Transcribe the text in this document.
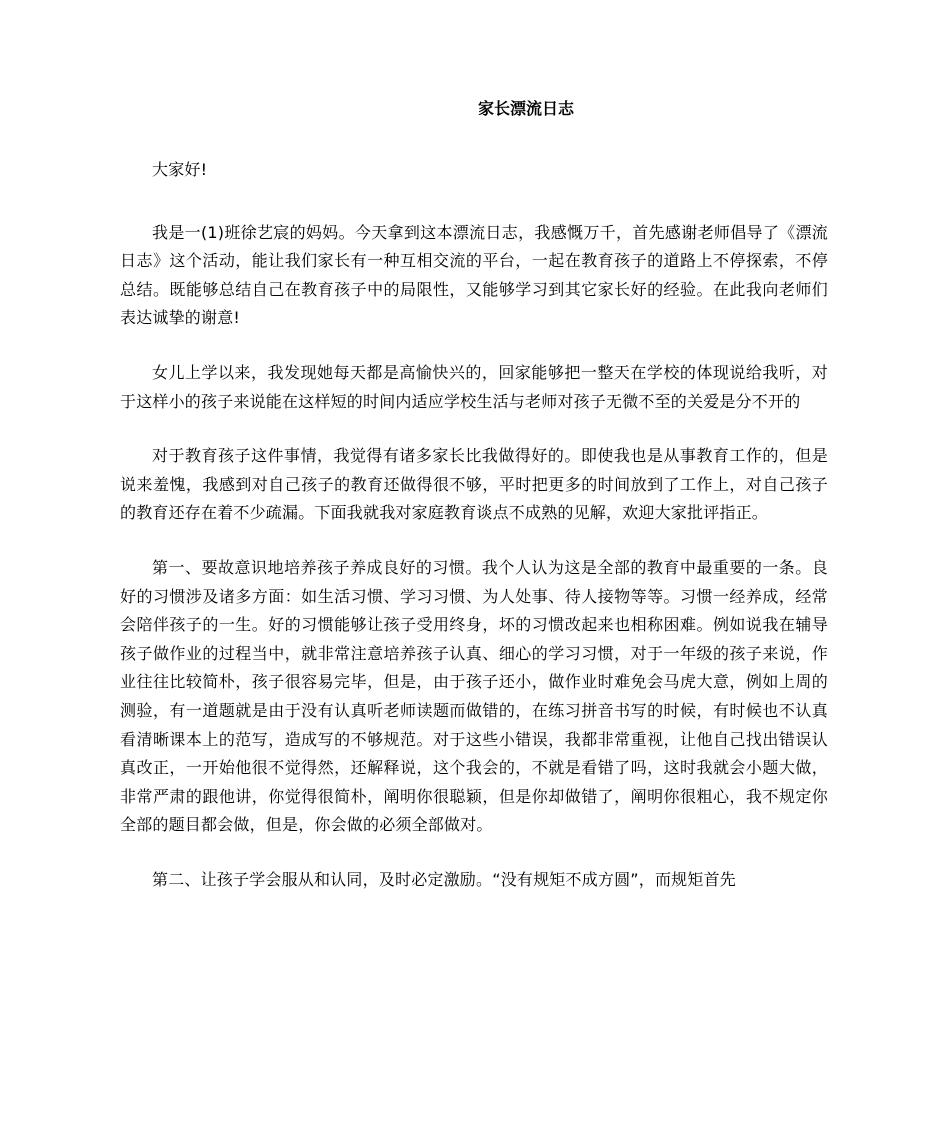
家长漂流日志

大家好!

我是一(1)班徐艺宸的妈妈。今天拿到这本漂流日志，我感慨万千，首先感谢老师倡导了《漂流日志》这个活动，能让我们家长有一种互相交流的平台，一起在教育孩子的道路上不停探索，不停总结。既能够总结自己在教育孩子中的局限性，又能够学习到其它家长好的经验。在此我向老师们表达诚挚的谢意!

女儿上学以来，我发现她每天都是高愉快兴的，回家能够把一整天在学校的体现说给我听，对于这样小的孩子来说能在这样短的时间内适应学校生活与老师对孩子无微不至的关爱是分不开的

对于教育孩子这件事情，我觉得有诸多家长比我做得好的。即使我也是从事教育工作的，但是说来羞愧，我感到对自己孩子的教育还做得很不够，平时把更多的时间放到了工作上，对自己孩子的教育还存在着不少疏漏。下面我就我对家庭教育谈点不成熟的见解，欢迎大家批评指正。

第一、要故意识地培养孩子养成良好的习惯。我个人认为这是全部的教育中最重要的一条。良好的习惯涉及诸多方面：如生活习惯、学习习惯、为人处事、待人接物等等。习惯一经养成，经常会陪伴孩子的一生。好的习惯能够让孩子受用终身，坏的习惯改起来也相称困难。例如说我在辅导孩子做作业的过程当中，就非常注意培养孩子认真、细心的学习习惯，对于一年级的孩子来说，作业往往比较简朴，孩子很容易完毕，但是，由于孩子还小，做作业时难免会马虎大意，例如上周的测验，有一道题就是由于没有认真听老师读题而做错的，在练习拼音书写的时候，有时候也不认真看清晰课本上的范写，造成写的不够规范。对于这些小错误，我都非常重视，让他自己找出错误认真改正，一开始他很不觉得然，还解释说，这个我会的，不就是看错了吗，这时我就会小题大做，非常严肃的跟他讲，你觉得很简朴，阐明你很聪颖，但是你却做错了，阐明你很粗心，我不规定你全部的题目都会做，但是，你会做的必须全部做对。

第二、让孩子学会服从和认同，及时必定激励。“没有规矩不成方圆”，而规矩首先
